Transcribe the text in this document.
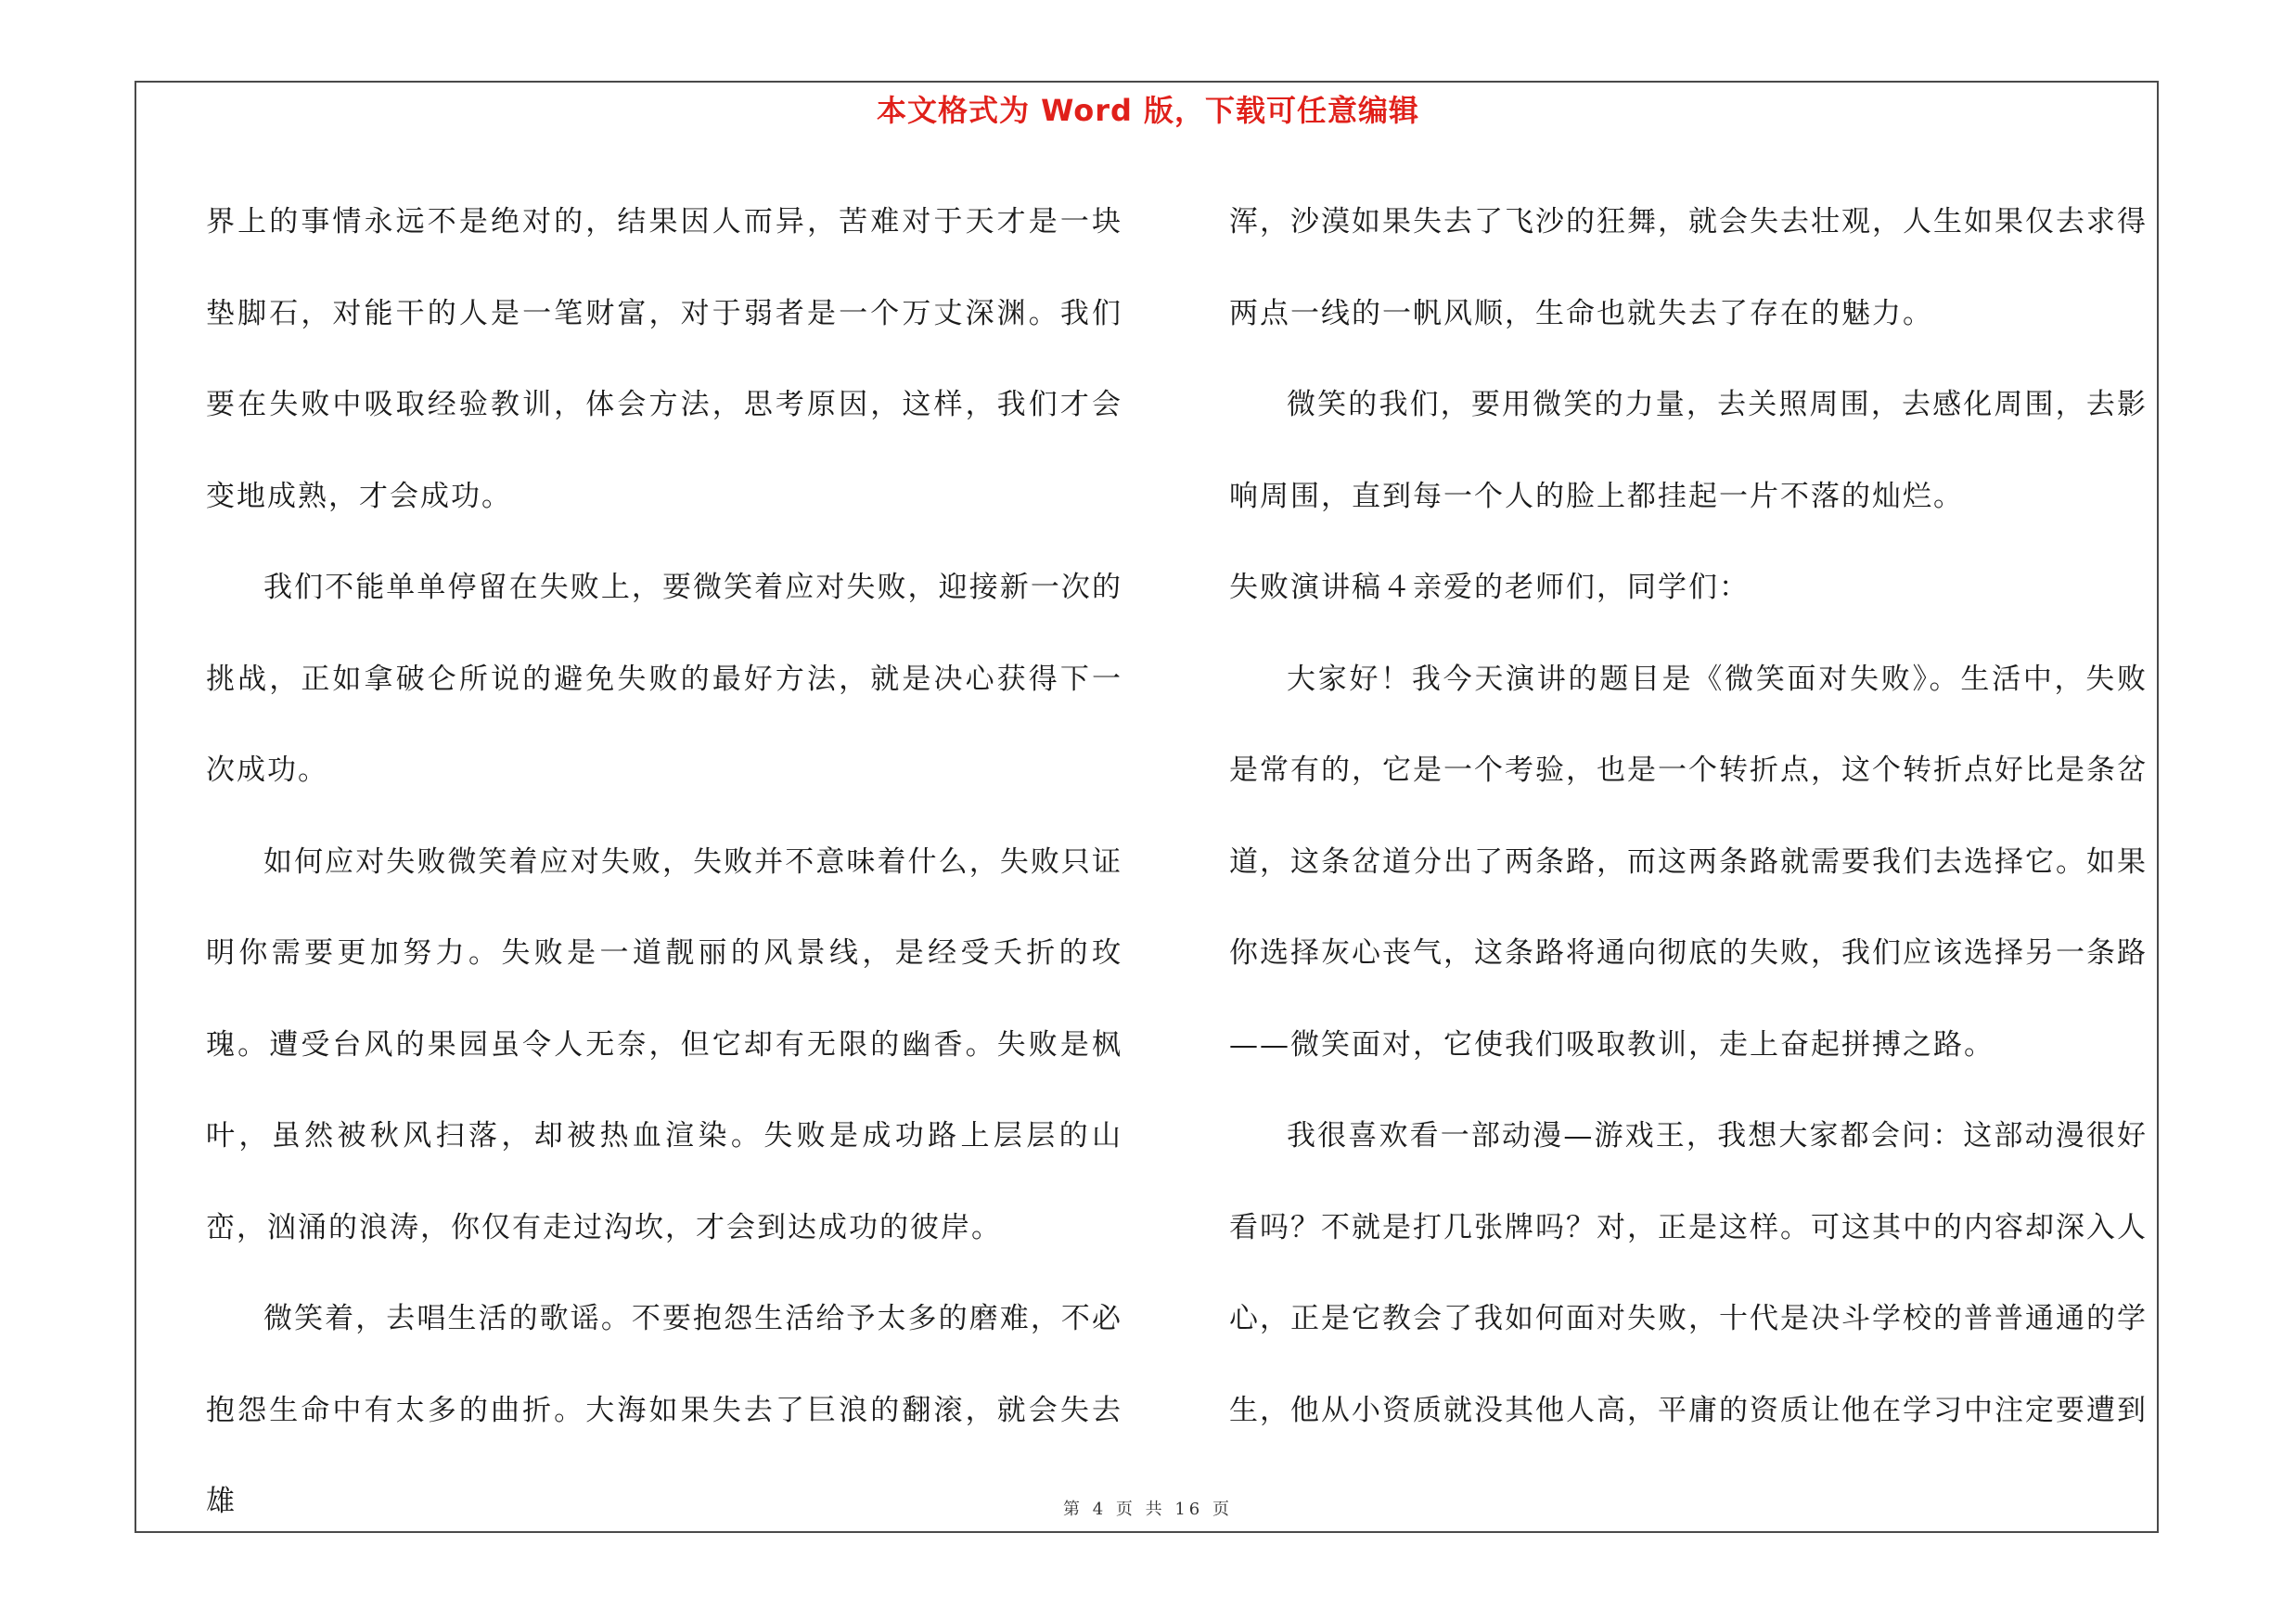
本文格式为 Word 版，下载可任意编辑

界上的事情永远不是绝对的，结果因人而异，苦难对于天才是一块垫脚石，对能干的人是一笔财富，对于弱者是一个万丈深渊。我们要在失败中吸取经验教训，体会方法，思考原因，这样，我们才会变地成熟，才会成功。

我们不能单单停留在失败上，要微笑着应对失败，迎接新一次的挑战，正如拿破仑所说的避免失败的最好方法，就是决心获得下一次成功。

如何应对失败微笑着应对失败，失败并不意味着什么，失败只证明你需要更加努力。失败是一道靓丽的风景线，是经受夭折的玫瑰。遭受台风的果园虽令人无奈，但它却有无限的幽香。失败是枫叶，虽然被秋风扫落，却被热血渲染。失败是成功路上层层的山峦，汹涌的浪涛，你仅有走过沟坎，才会到达成功的彼岸。

微笑着，去唱生活的歌谣。不要抱怨生活给予太多的磨难，不必抱怨生命中有太多的曲折。大海如果失去了巨浪的翻滚，就会失去雄

浑，沙漠如果失去了飞沙的狂舞，就会失去壮观，人生如果仅去求得两点一线的一帆风顺，生命也就失去了存在的魅力。

微笑的我们，要用微笑的力量，去关照周围，去感化周围，去影响周围，直到每一个人的脸上都挂起一片不落的灿烂。

失败演讲稿４亲爱的老师们，同学们：

大家好！我今天演讲的题目是《微笑面对失败》。生活中，失败是常有的，它是一个考验，也是一个转折点，这个转折点好比是条岔道，这条岔道分出了两条路，而这两条路就需要我们去选择它。如果你选择灰心丧气，这条路将通向彻底的失败，我们应该选择另一条路——微笑面对，它使我们吸取教训，走上奋起拼搏之路。

我很喜欢看一部动漫—游戏王，我想大家都会问：这部动漫很好看吗？不就是打几张牌吗？对，正是这样。可这其中的内容却深入人心，正是它教会了我如何面对失败，十代是决斗学校的普普通通的学生，他从小资质就没其他人高，平庸的资质让他在学习中注定要遭到

第 4 页 共 16 页
